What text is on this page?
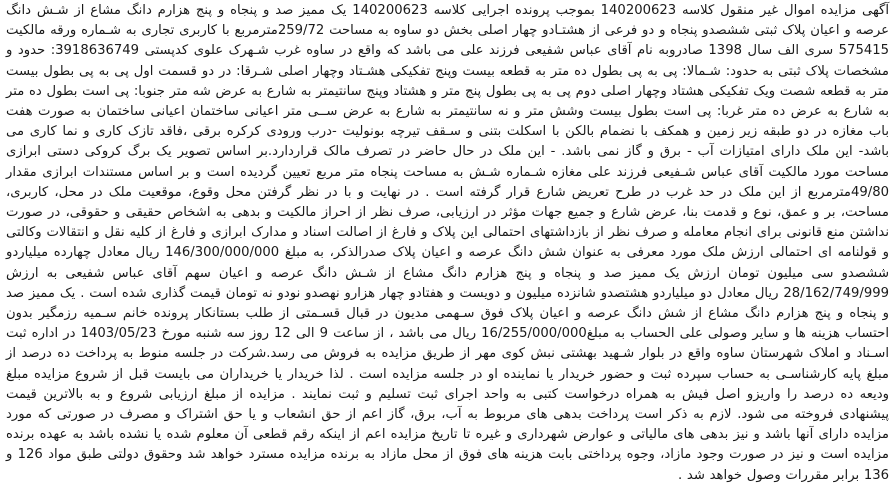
آگهی مزایده اموال غیر منقول کلاسه 140200623 بموجب پرونده اجرایی کلاسه 140200623 یک ممیز صد و پنجاه و پنج هزارم دانگ مشاع از شـش دانگ عرصه و اعیان پلاک ثبتی ششصدو پنجاه و دو فرعی از هشتـادو چهار اصلی بخش دو ساوه به مساحت 259/72مترمربع با کاربری تجاری به شـماره ورقه مالکیت 575415 سری الف سال 1398 صادروبه نام آقای عباس شفیعی فرزند علی می باشد که واقع در ساوه غرب شـهرک علوی کدپستی 3918636749: حدود و مشخصات پلاک ثبتی به حدود: شـمالا: پی به پی بطول ده متر به قطعه بیست وپنج تفکیکی هشـتاد وچهار اصلی شـرقا: در دو قسمت اول پی به پی بطول بیست متر به قطعه شصت ویک تفکیکی هشتاد وچهار اصلی دوم پی به پی بطول پنج متر و هشتاد وپنج سانتیمتر به شارع به عرض شه متر جنوبا: پی است بطول ده متر به شارع به عرض ده متر غربا: پی است بطول بیست وشش متر و نه سانتیمتر به شارع به عرض ســی متر اعیانی ساختمان اعیانی ساختمان به صورت هفت باب مغازه در دو طبقه زیر زمین و همکف با نضمام بالکن با اسکلت بتنی و سـقف تیرچه بونولیت -درب ورودی کرکره برقی ،فاقد تازک کاری و نما کاری می باشد- این ملک دارای امتیازات آب - برق و گاز نمی باشد. - این ملک در حال حاضر در تصرف مالک قراردارد.بر اساس تصویر یک برگ کروکی دستی ابرازی مساحت مورد مالکیت آقای عباس شـفیعی فرزند علی مغازه شـماره شـش به مساحت پنجاه متر مربع تعیین گردیده است و بر اساس مستندات ابرازی مقدار 49/80مترمربع از این ملک در حد غرب در طرح تعریض شارع قرار گرفته است . در نهایت و با در نظر گرفتن محل وقوع، موقعیت ملک در محل، کاربری، مساحت، بر و عمق، نوع و قدمت بنا، عرض شارع و جمیع جهات مؤثر در ارزیابی، صرف نظر از احراز مالکیت و بدهی به اشخاص حقیقی و حقوقی، در صورت نداشتن منع قانونی برای انجام معامله و صرف نظر از بازداشتهای احتمالی این پلاک و فارغ از اصالت اسناد و مدارک ابرازی و فارغ از کلیه نقل و انتقالات وکالتی و قولنامه ای احتمالی ارزش ملک مورد معرفی به عنوان شش دانگ عرصه و اعیان پلاک صدرالذکر، به مبلغ 146/300/000/000 ریال معادل چهارده میلیاردو ششصدو سی میلیون تومان ارزش یک ممیز صد و پنجاه و پنج هزارم دانگ مشاع از شـش دانگ عرصه و اعیان سهم آقای عباس شفیعی به ارزش 28/162/749/999 ریال معادل دو میلیاردو هشتصدو شانزده میلیون و دویست و هفتادو چهار هزارو نهصدو نودو نه تومان قیمت گذاری شده است . یک ممیز صد و پنجاه و پنج هزارم دانگ مشاع از شش دانگ عرصه و اعیان پلاک فوق سـهمی مدیون در قبال قسـمتی از طلب بستانکار پرونده خانم سـمیه رزمگیر بدون احتساب هزینه ها و سایر وصولی علی الحساب به مبلغ16/255/000/000 ریال می باشد ، از ساعت 9 الی 12 روز سه شنبه مورخ 1403/05/23 در اداره ثبت اسـناد و املاک شهرستان ساوه واقع در بلوار شـهید بهشتی نبش کوی مهر از طریق مزایده به فروش می رسد.شرکت در جلسه منوط به پرداخت ده درصد از مبلغ پایه کارشناسـی به حساب سپرده ثبت و حضور خریدار یا نماینده او در جلسه مزایده است . لذا خریدار یا خریداران می بایست قبل از شروع مزایده مبلغ ودیعه ده درصد را واریزو اصل فیش به همراه درخواست کتبی به واحد اجرای ثبت تسلیم و ثبت نمایند . مزایده از مبلغ ارزیابی شروع و به بالاترین قیمت پیشنهادی فروخته می شود. لازم به ذکر است پرداخت بدهی های مربوط به آب، برق، گاز اعم از حق انشعاب و یا حق اشتراک و مصرف در صورتی که مورد مزایده دارای آنها باشد و نیز بدهی های مالیاتی و عوارض شهرداری و غیره تا تاریخ مزایده اعم از اینکه رقم قطعی آن معلوم شده یا نشده باشد به عهده برنده مزایده است و نیز در صورت وجود مازاد، وجوه پرداختی بابت هزینه های فوق از محل مازاد به برنده مزایده مسترد خواهد شد وحقوق دولتی طبق مواد 126 و 136 برابر مقررات وصول خواهد شد .
